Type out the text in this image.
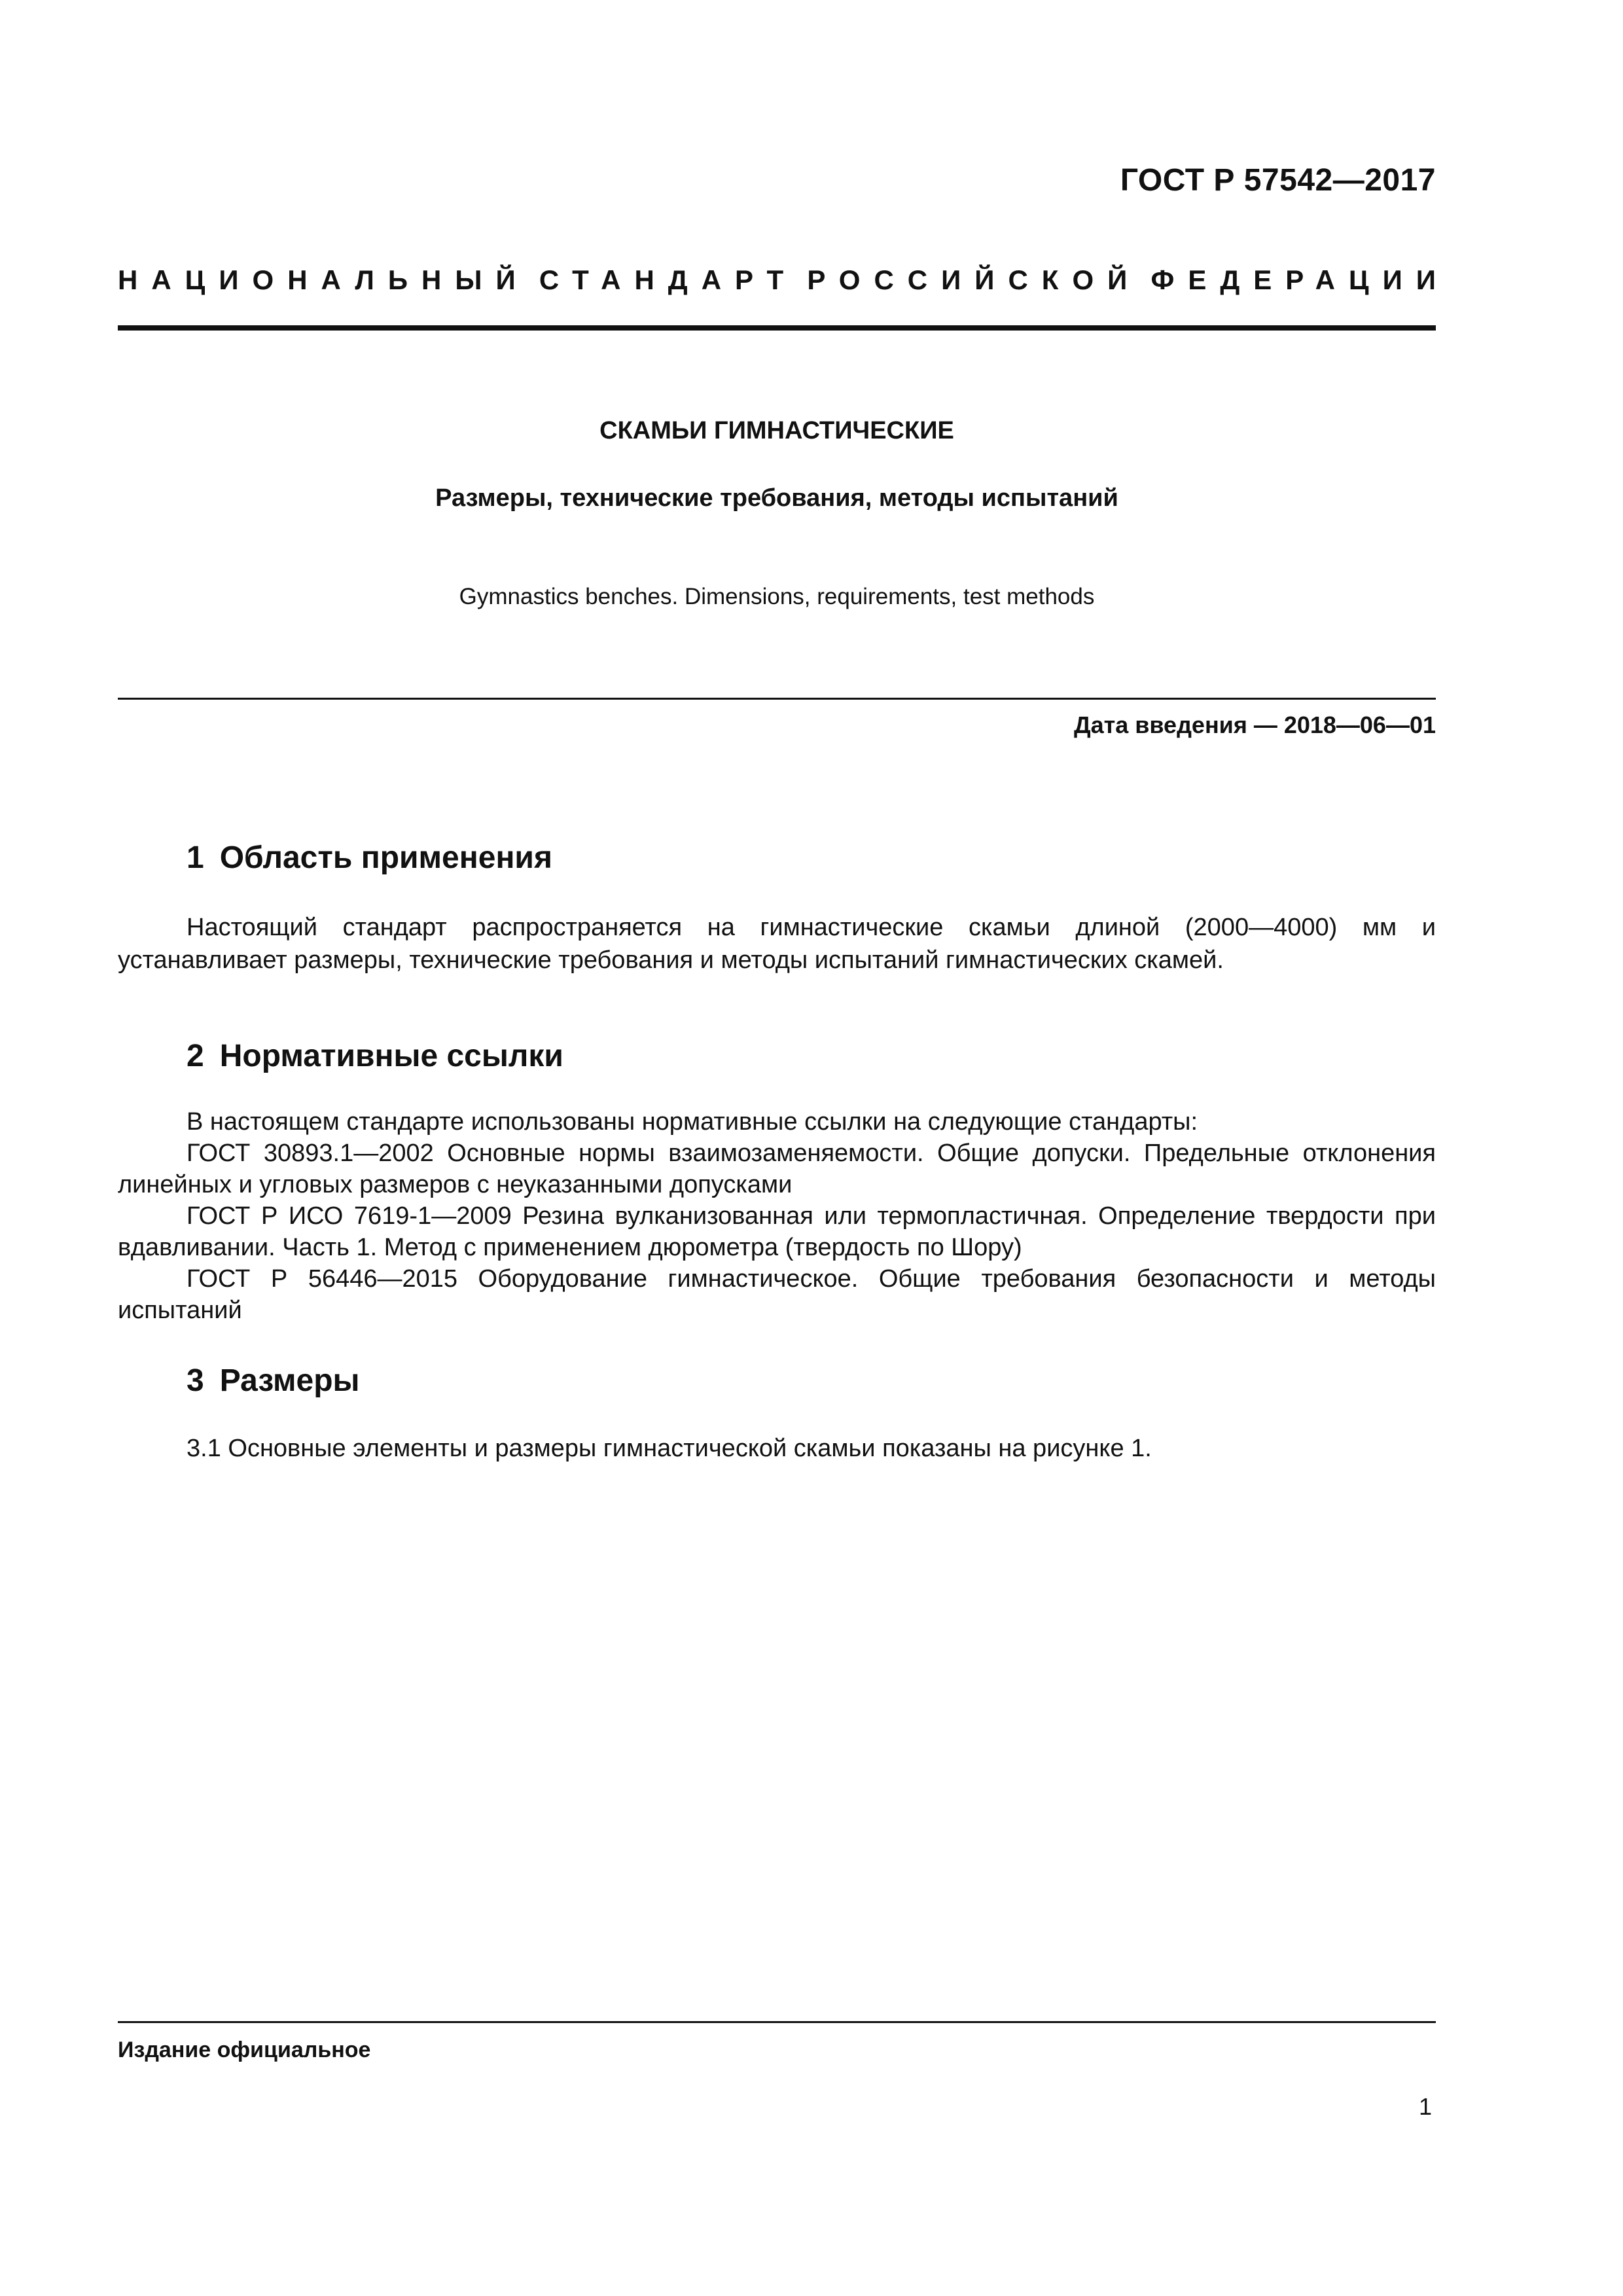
ГОСТ Р 57542—2017
НАЦИОНАЛЬНЫЙ СТАНДАРТ РОССИЙСКОЙ ФЕДЕРАЦИИ
СКАМЬИ ГИМНАСТИЧЕСКИЕ
Размеры, технические требования, методы испытаний
Gymnastics benches. Dimensions, requirements, test methods
Дата введения — 2018—06—01
1 Область применения

Настоящий стандарт распространяется на гимнастические скамьи длиной (2000—4000) мм и устанавливает размеры, технические требования и методы испытаний гимнастических скамей.

2 Нормативные ссылки

В настоящем стандарте использованы нормативные ссылки на следующие стандарты:

ГОСТ 30893.1—2002 Основные нормы взаимозаменяемости. Общие допуски. Предельные отклонения линейных и угловых размеров с неуказанными допусками

ГОСТ Р ИСО 7619-1—2009 Резина вулканизованная или термопластичная. Определение твердости при вдавливании. Часть 1. Метод с применением дюрометра (твердость по Шору)

ГОСТ Р 56446—2015 Оборудование гимнастическое. Общие требования безопасности и методы испытаний

3 Размеры

3.1 Основные элементы и размеры гимнастической скамьи показаны на рисунке 1.

Издание официальное
1
